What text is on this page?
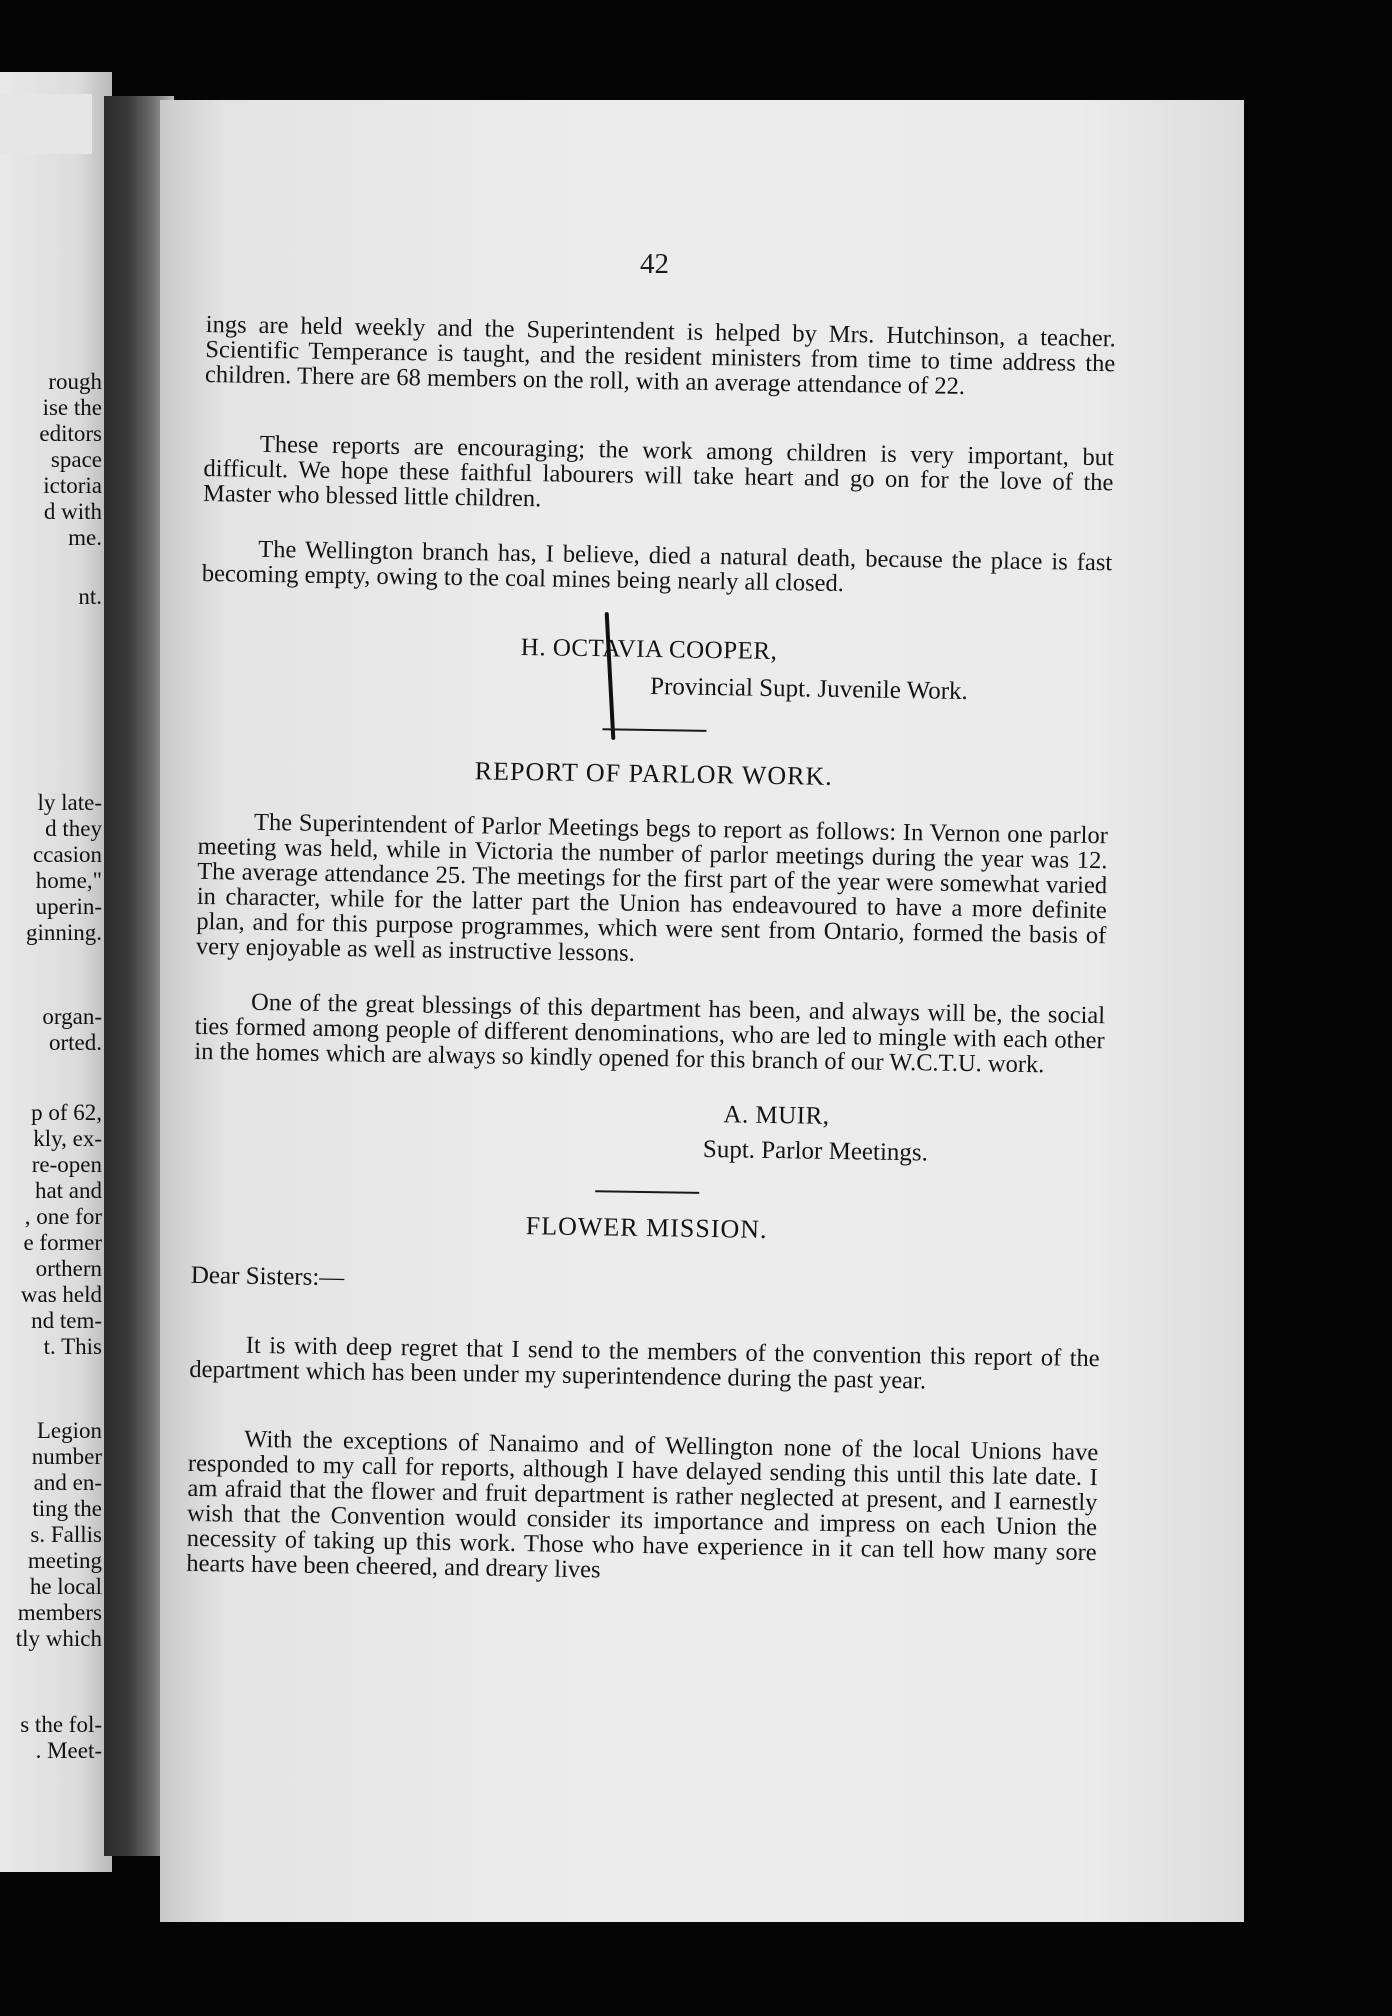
rough
ise the
editors
space
ictoria
d with
me.
nt.
ly late-
d they
ccasion
home,"
uperin-
ginning.
organ-
orted.
p of 62,
kly, ex-
re-open
hat and
, one for
e former
orthern
was held
nd tem-
t. This
Legion
number
and en-
ting the
s. Fallis
meeting
he local
members
tly which
s the fol-
. Meet-
42

ings are held weekly and the Superintendent is helped by Mrs. Hutchinson, a teacher. Scientific Temperance is taught, and the resident ministers from time to time address the children. There are 68 members on the roll, with an average attendance of 22.

These reports are encouraging; the work among children is very important, but difficult. We hope these faithful labourers will take heart and go on for the love of the Master who blessed little children.

The Wellington branch has, I believe, died a natural death, because the place is fast becoming empty, owing to the coal mines being nearly all closed.

H. OCTAVIA COOPER,

Provincial Supt. Juvenile Work.

REPORT OF PARLOR WORK.

The Superintendent of Parlor Meetings begs to report as follows: In Vernon one parlor meeting was held, while in Victoria the number of parlor meetings during the year was 12. The average attendance 25. The meetings for the first part of the year were somewhat varied in character, while for the latter part the Union has endeavoured to have a more definite plan, and for this purpose programmes, which were sent from Ontario, formed the basis of very enjoyable as well as instructive lessons.

One of the great blessings of this department has been, and always will be, the social ties formed among people of different denominations, who are led to mingle with each other in the homes which are always so kindly opened for this branch of our W.C.T.U. work.

A. MUIR,

Supt. Parlor Meetings.

FLOWER MISSION.

Dear Sisters:—

It is with deep regret that I send to the members of the convention this report of the department which has been under my superintendence during the past year.

With the exceptions of Nanaimo and of Wellington none of the local Unions have responded to my call for reports, although I have delayed sending this until this late date. I am afraid that the flower and fruit department is rather neglected at present, and I earnestly wish that the Convention would consider its importance and impress on each Union the necessity of taking up this work. Those who have experience in it can tell how many sore hearts have been cheered, and dreary lives
